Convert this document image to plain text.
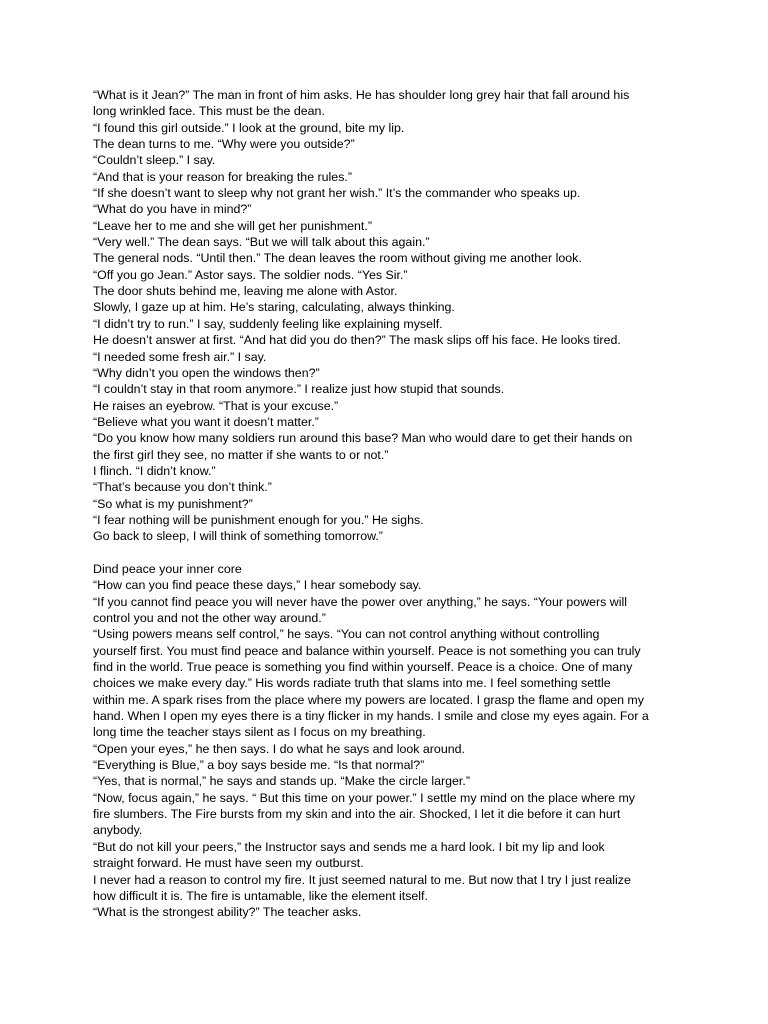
“What is it Jean?” The man in front of him asks. He has shoulder long grey hair that fall around his
long wrinkled face. This must be the dean.
“I found this girl outside.” I look at the ground, bite my lip.
The dean turns to me. “Why were you outside?”
“Couldn’t sleep.” I say.
“And that is your reason for breaking the rules.”
“If she doesn’t want to sleep why not grant her wish.” It’s the commander who speaks up.
“What do you have in mind?”
“Leave her to me and she will get her punishment.”
“Very well.” The dean says. “But we will talk about this again.”
The general nods. “Until then.” The dean leaves the room without giving me another look.
“Off you go Jean.” Astor says. The soldier nods. “Yes Sir.”
The door shuts behind me, leaving me alone with Astor.
Slowly, I gaze up at him. He’s staring, calculating, always thinking.
“I didn’t try to run.” I say, suddenly feeling like explaining myself.
He doesn’t answer at first. “And hat did you do then?” The mask slips off his face. He looks tired.
“I needed some fresh air.” I say.
“Why didn’t you open the windows then?”
“I couldn’t stay in that room anymore.” I realize just how stupid that sounds.
He raises an eyebrow. “That is your excuse.”
“Believe what you want it doesn’t matter.”
“Do you know how many soldiers run around this base? Man who would dare to get their hands on
the first girl they see, no matter if she wants to or not.”
I flinch. “I didn’t know.”
“That’s because you don’t think.”
“So what is my punishment?”
“I fear nothing will be punishment enough for you.” He sighs.
Go back to sleep, I will think of something tomorrow.”
Dind peace your inner core
“How can you find peace these days,” I hear somebody say.
“If you cannot find peace you will never have the power over anything,” he says. “Your powers will
control you and not the other way around.”
“Using powers means self control,” he says. “You can not control anything without controlling
yourself first. You must find peace and balance within yourself. Peace is not something you can truly
find in the world. True peace is something you find within yourself. Peace is a choice. One of many
choices we make every day.” His words radiate truth that slams into me. I feel something settle
within me. A spark rises from the place where my powers are located. I grasp the flame and open my
hand. When I open my eyes there is a tiny flicker in my hands. I smile and close my eyes again. For a
long time the teacher stays silent as I focus on my breathing.
“Open your eyes,” he then says. I do what he says and look around.
“Everything is Blue,” a boy says beside me. “Is that normal?”
“Yes, that is normal,” he says and stands up. “Make the circle larger.”
“Now, focus again,” he says. “ But this time on your power.” I settle my mind on the place where my
fire slumbers. The Fire bursts from my skin and into the air. Shocked, I let it die before it can hurt
anybody.
“But do not kill your peers,” the Instructor says and sends me a hard look. I bit my lip and look
straight forward. He must have seen my outburst.
I never had a reason to control my fire. It just seemed natural to me. But now that I try I just realize
how difficult it is. The fire is untamable, like the element itself.
“What is the strongest ability?” The teacher asks.
